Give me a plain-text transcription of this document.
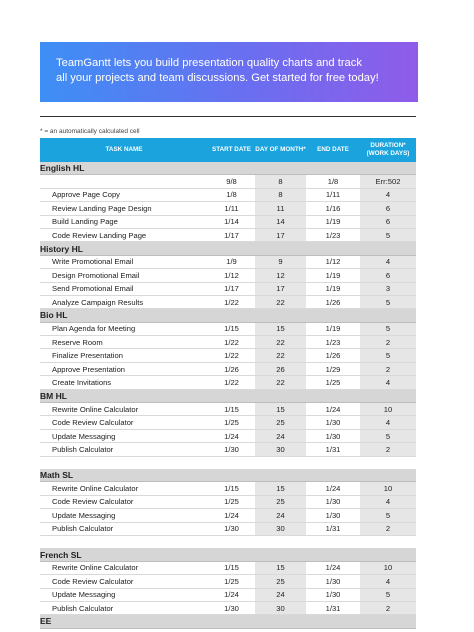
TeamGantt lets you build presentation quality charts and track
all your projects and team discussions. Get started for free today!
* = an automatically calculated cell
TASK NAME	START DATE	DAY OF MONTH*	END DATE	DURATION* (WORK DAYS)
English HL				
	9/8	8	1/8	Err:502
Approve Page Copy	1/8	8	1/11	4
Review Landing Page Design	1/11	11	1/16	6
Build Landing Page	1/14	14	1/19	6
Code Review Landing Page	1/17	17	1/23	5
History HL				
Write Promotional Email	1/9	9	1/12	4
Design Promotional Email	1/12	12	1/19	6
Send Promotional Email	1/17	17	1/19	3
Analyze Campaign Results	1/22	22	1/26	5
Bio HL				
Plan Agenda for Meeting	1/15	15	1/19	5
Reserve Room	1/22	22	1/23	2
Finalize Presentation	1/22	22	1/26	5
Approve Presentation	1/26	26	1/29	2
Create Invitations	1/22	22	1/25	4
BM HL				
Rewrite Online Calculator	1/15	15	1/24	10
Code Review Calculator	1/25	25	1/30	4
Update Messaging	1/24	24	1/30	5
Publish Calculator	1/30	30	1/31	2

Math SL				
Rewrite Online Calculator	1/15	15	1/24	10
Code Review Calculator	1/25	25	1/30	4
Update Messaging	1/24	24	1/30	5
Publish Calculator	1/30	30	1/31	2

French SL				
Rewrite Online Calculator	1/15	15	1/24	10
Code Review Calculator	1/25	25	1/30	4
Update Messaging	1/24	24	1/30	5
Publish Calculator	1/30	30	1/31	2
EE				
